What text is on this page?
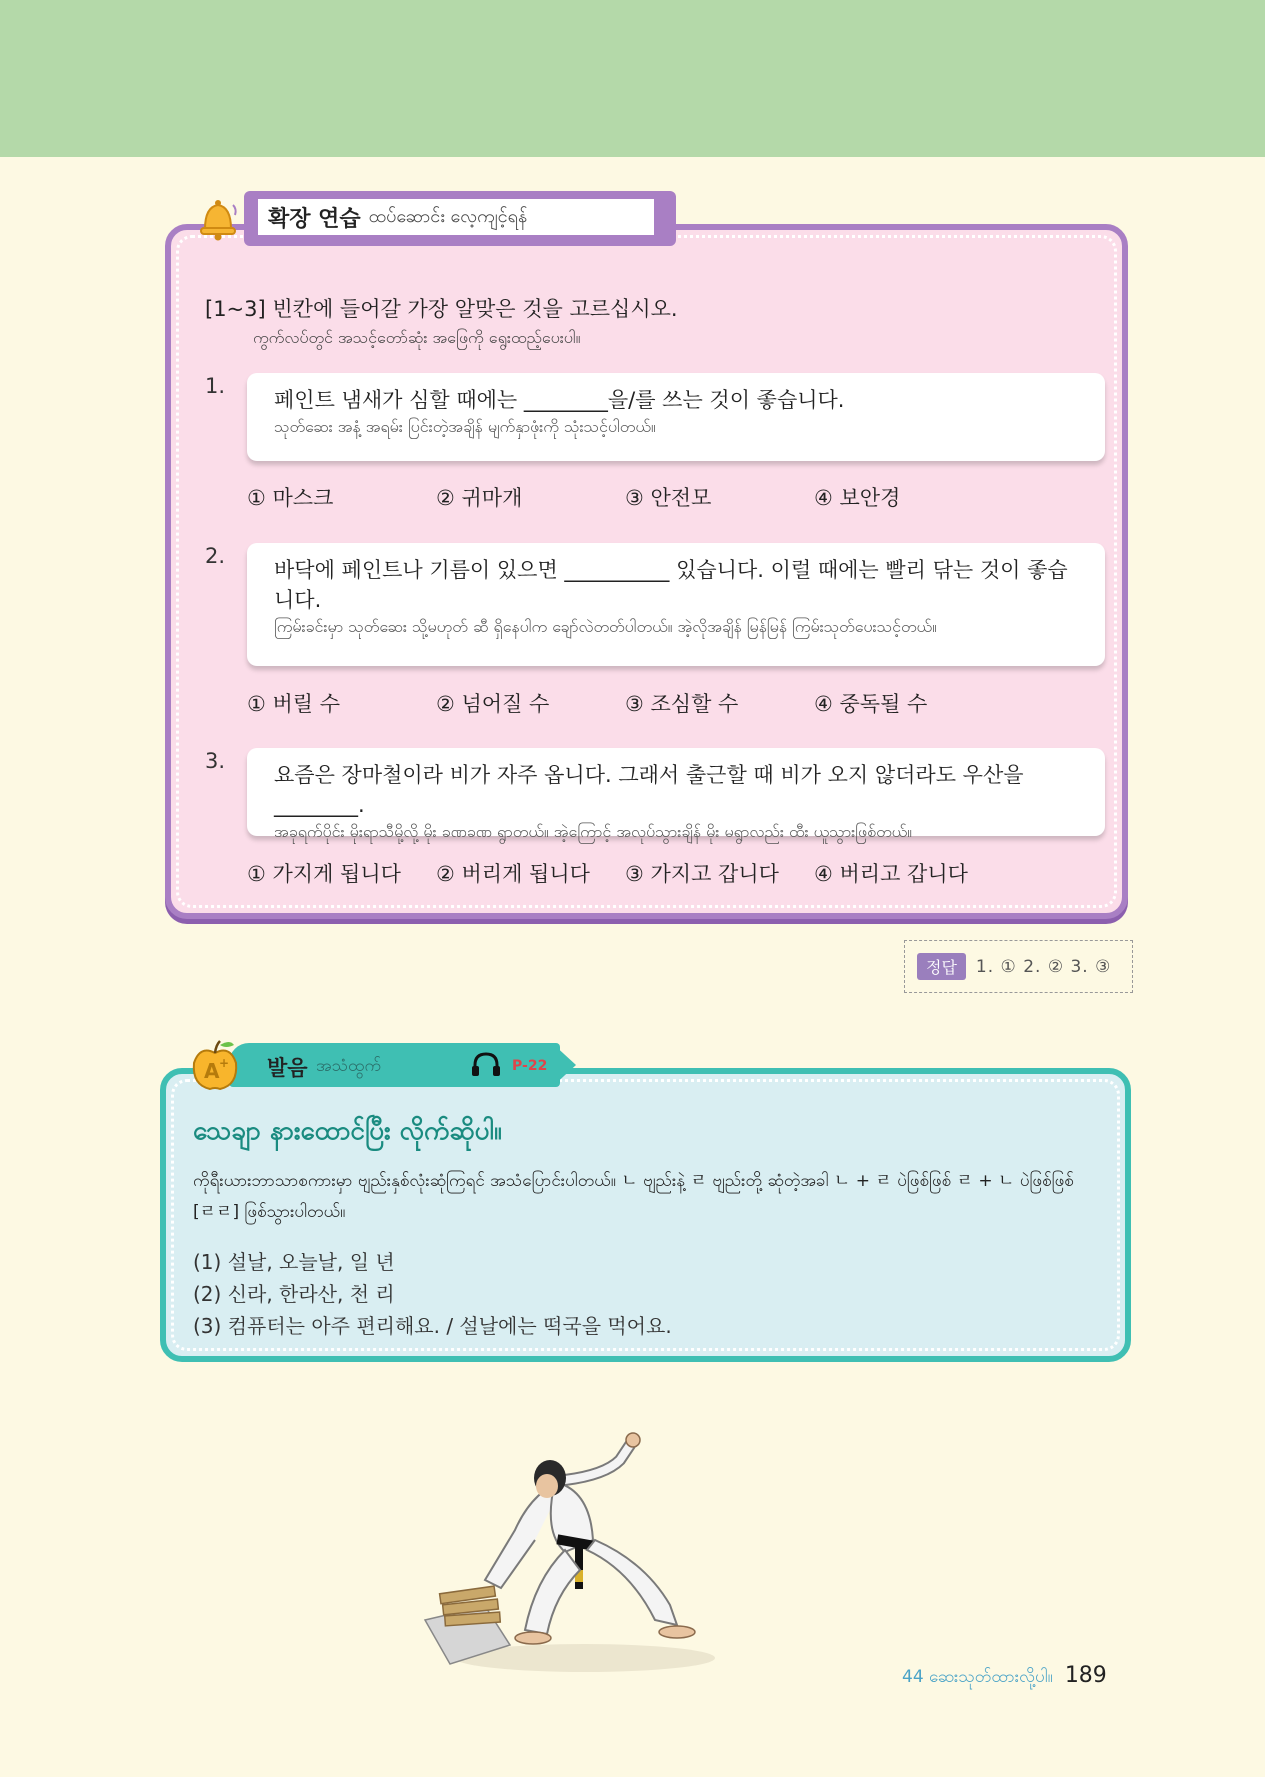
확장 연습 ထပ်ဆောင်း လေ့ကျင့်ရန်
[1~3] 빈칸에 들어갈 가장 알맞은 것을 고르십시오.
ကွက်လပ်တွင် အသင့်တော်ဆုံး အဖြေကို ရွေးထည့်ပေးပါ။
1.
페인트 냄새가 심할 때에는 ________을/를 쓰는 것이 좋습니다.
သုတ်ဆေး အနံ့ အရမ်း ပြင်းတဲ့အချိန် မျက်နှာဖုံးကို သုံးသင့်ပါတယ်။
① 마스크	② 귀마개	③ 안전모	④ 보안경
2.
바닥에 페인트나 기름이 있으면 __________ 있습니다. 이럴 때에는 빨리 닦는 것이 좋습니다.
ကြမ်းခင်းမှာ သုတ်ဆေး သို့မဟုတ် ဆီ ရှိနေပါက ချော်လဲတတ်ပါတယ်။ အဲ့လိုအချိန် မြန်မြန် ကြမ်းသုတ်ပေးသင့်တယ်။
① 버릴 수	② 넘어질 수	③ 조심할 수	④ 중독될 수
3.
요즘은 장마철이라 비가 자주 옵니다. 그래서 출근할 때 비가 오지 않더라도 우산을 ________.
အခုရက်ပိုင်း မိုးရာသီမို့လို့ မိုး ခဏခဏ ရွာတယ်။ အဲ့ကြောင့် အလုပ်သွားချိန် မိုး မရွာလည်း ထီး ယူသွားဖြစ်တယ်။
① 가지게 됩니다 ② 버리게 됩니다 ③ 가지고 갑니다 ④ 버리고 갑니다
정답	1. ① 2. ② 3. ③
A + 발음 အသံထွက်	P-22
သေချာ နားထောင်ပြီး လိုက်ဆိုပါ။
ကိုရီးယားဘာသာစကားမှာ ဗျည်းနှစ်လုံးဆုံကြရင် အသံပြောင်းပါတယ်။ ㄴ ဗျည်းနဲ့ ㄹ ဗျည်းတို့ ဆုံတဲ့အခါ ㄴ + ㄹ ပဲဖြစ်ဖြစ် ㄹ + ㄴ ပဲဖြစ်ဖြစ် [ㄹㄹ] ဖြစ်သွားပါတယ်။
(1) 설날, 오늘날, 일 년
(2) 신라, 한라산, 천 리
(3) 컴퓨터는 아주 편리해요. / 설날에는 떡국을 먹어요.
44 ဆေးသုတ်ထားလို့ပါ။ 189
